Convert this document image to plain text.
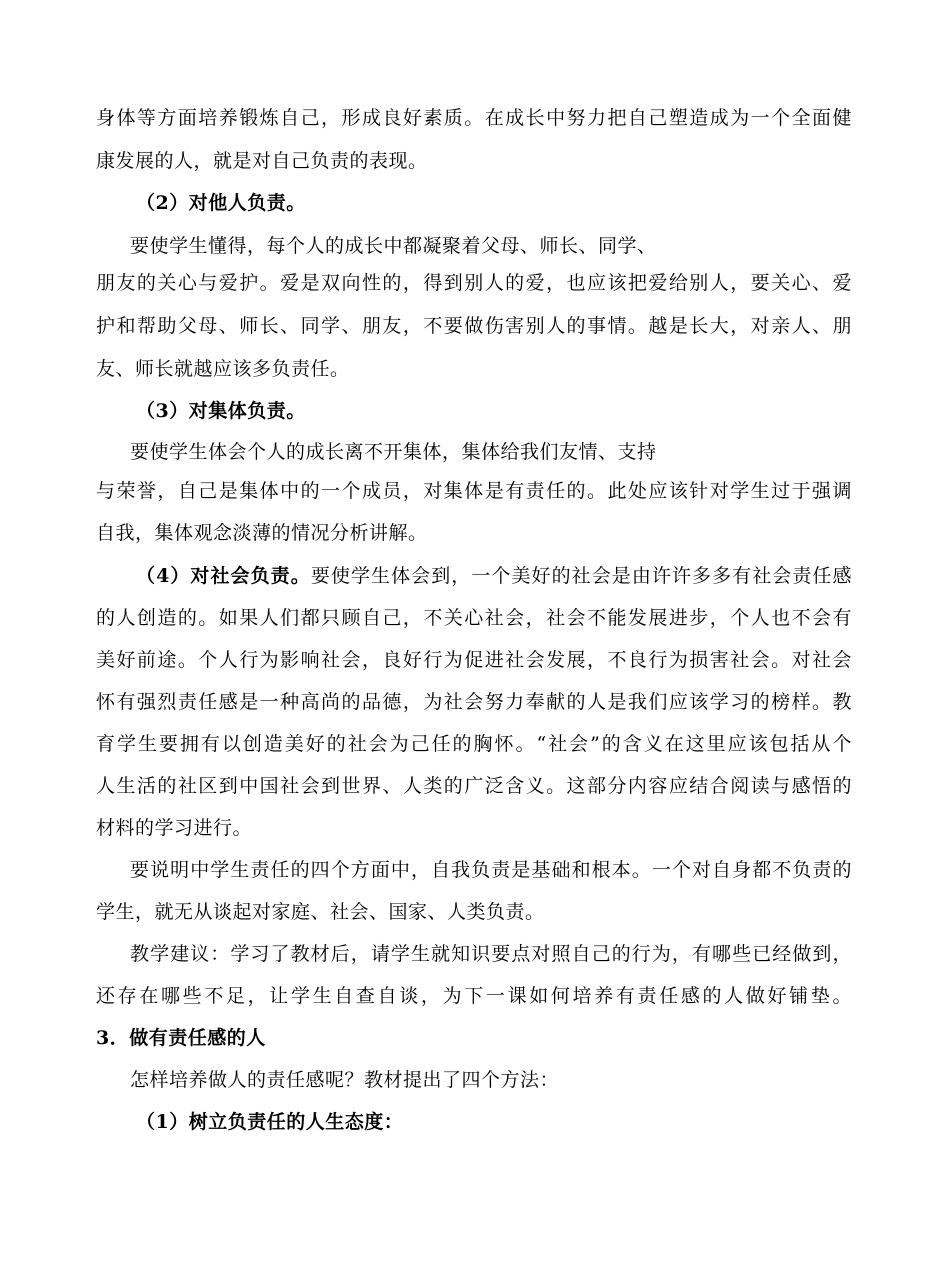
身体等方面培养锻炼自己，形成良好素质。在成长中努力把自己塑造成为一个全面健
康发展的人，就是对自己负责的表现。
（2）对他人负责。
要使学生懂得，每个人的成长中都凝聚着父母、师长、同学、
朋友的关心与爱护。爱是双向性的，得到别人的爱，也应该把爱给别人，要关心、爱
护和帮助父母、师长、同学、朋友，不要做伤害别人的事情。越是长大，对亲人、朋
友、师长就越应该多负责任。
（3）对集体负责。
要使学生体会个人的成长离不开集体，集体给我们友情、支持
与荣誉，自己是集体中的一个成员，对集体是有责任的。此处应该针对学生过于强调
自我，集体观念淡薄的情况分析讲解。
（4）对社会负责。要使学生体会到，一个美好的社会是由许许多多有社会责任感
的人创造的。如果人们都只顾自己，不关心社会，社会不能发展进步，个人也不会有
美好前途。个人行为影响社会，良好行为促进社会发展，不良行为损害社会。对社会
怀有强烈责任感是一种高尚的品德，为社会努力奉献的人是我们应该学习的榜样。教
育学生要拥有以创造美好的社会为己任的胸怀。“社会”的含义在这里应该包括从个
人生活的社区到中国社会到世界、人类的广泛含义。这部分内容应结合阅读与感悟的
材料的学习进行。
要说明中学生责任的四个方面中，自我负责是基础和根本。一个对自身都不负责的
学生，就无从谈起对家庭、社会、国家、人类负责。
教学建议：学习了教材后，请学生就知识要点对照自己的行为，有哪些已经做到，
还存在哪些不足，让学生自查自谈，为下一课如何培养有责任感的人做好铺垫。
3．做有责任感的人
怎样培养做人的责任感呢？教材提出了四个方法：
（1）树立负责任的人生态度：
